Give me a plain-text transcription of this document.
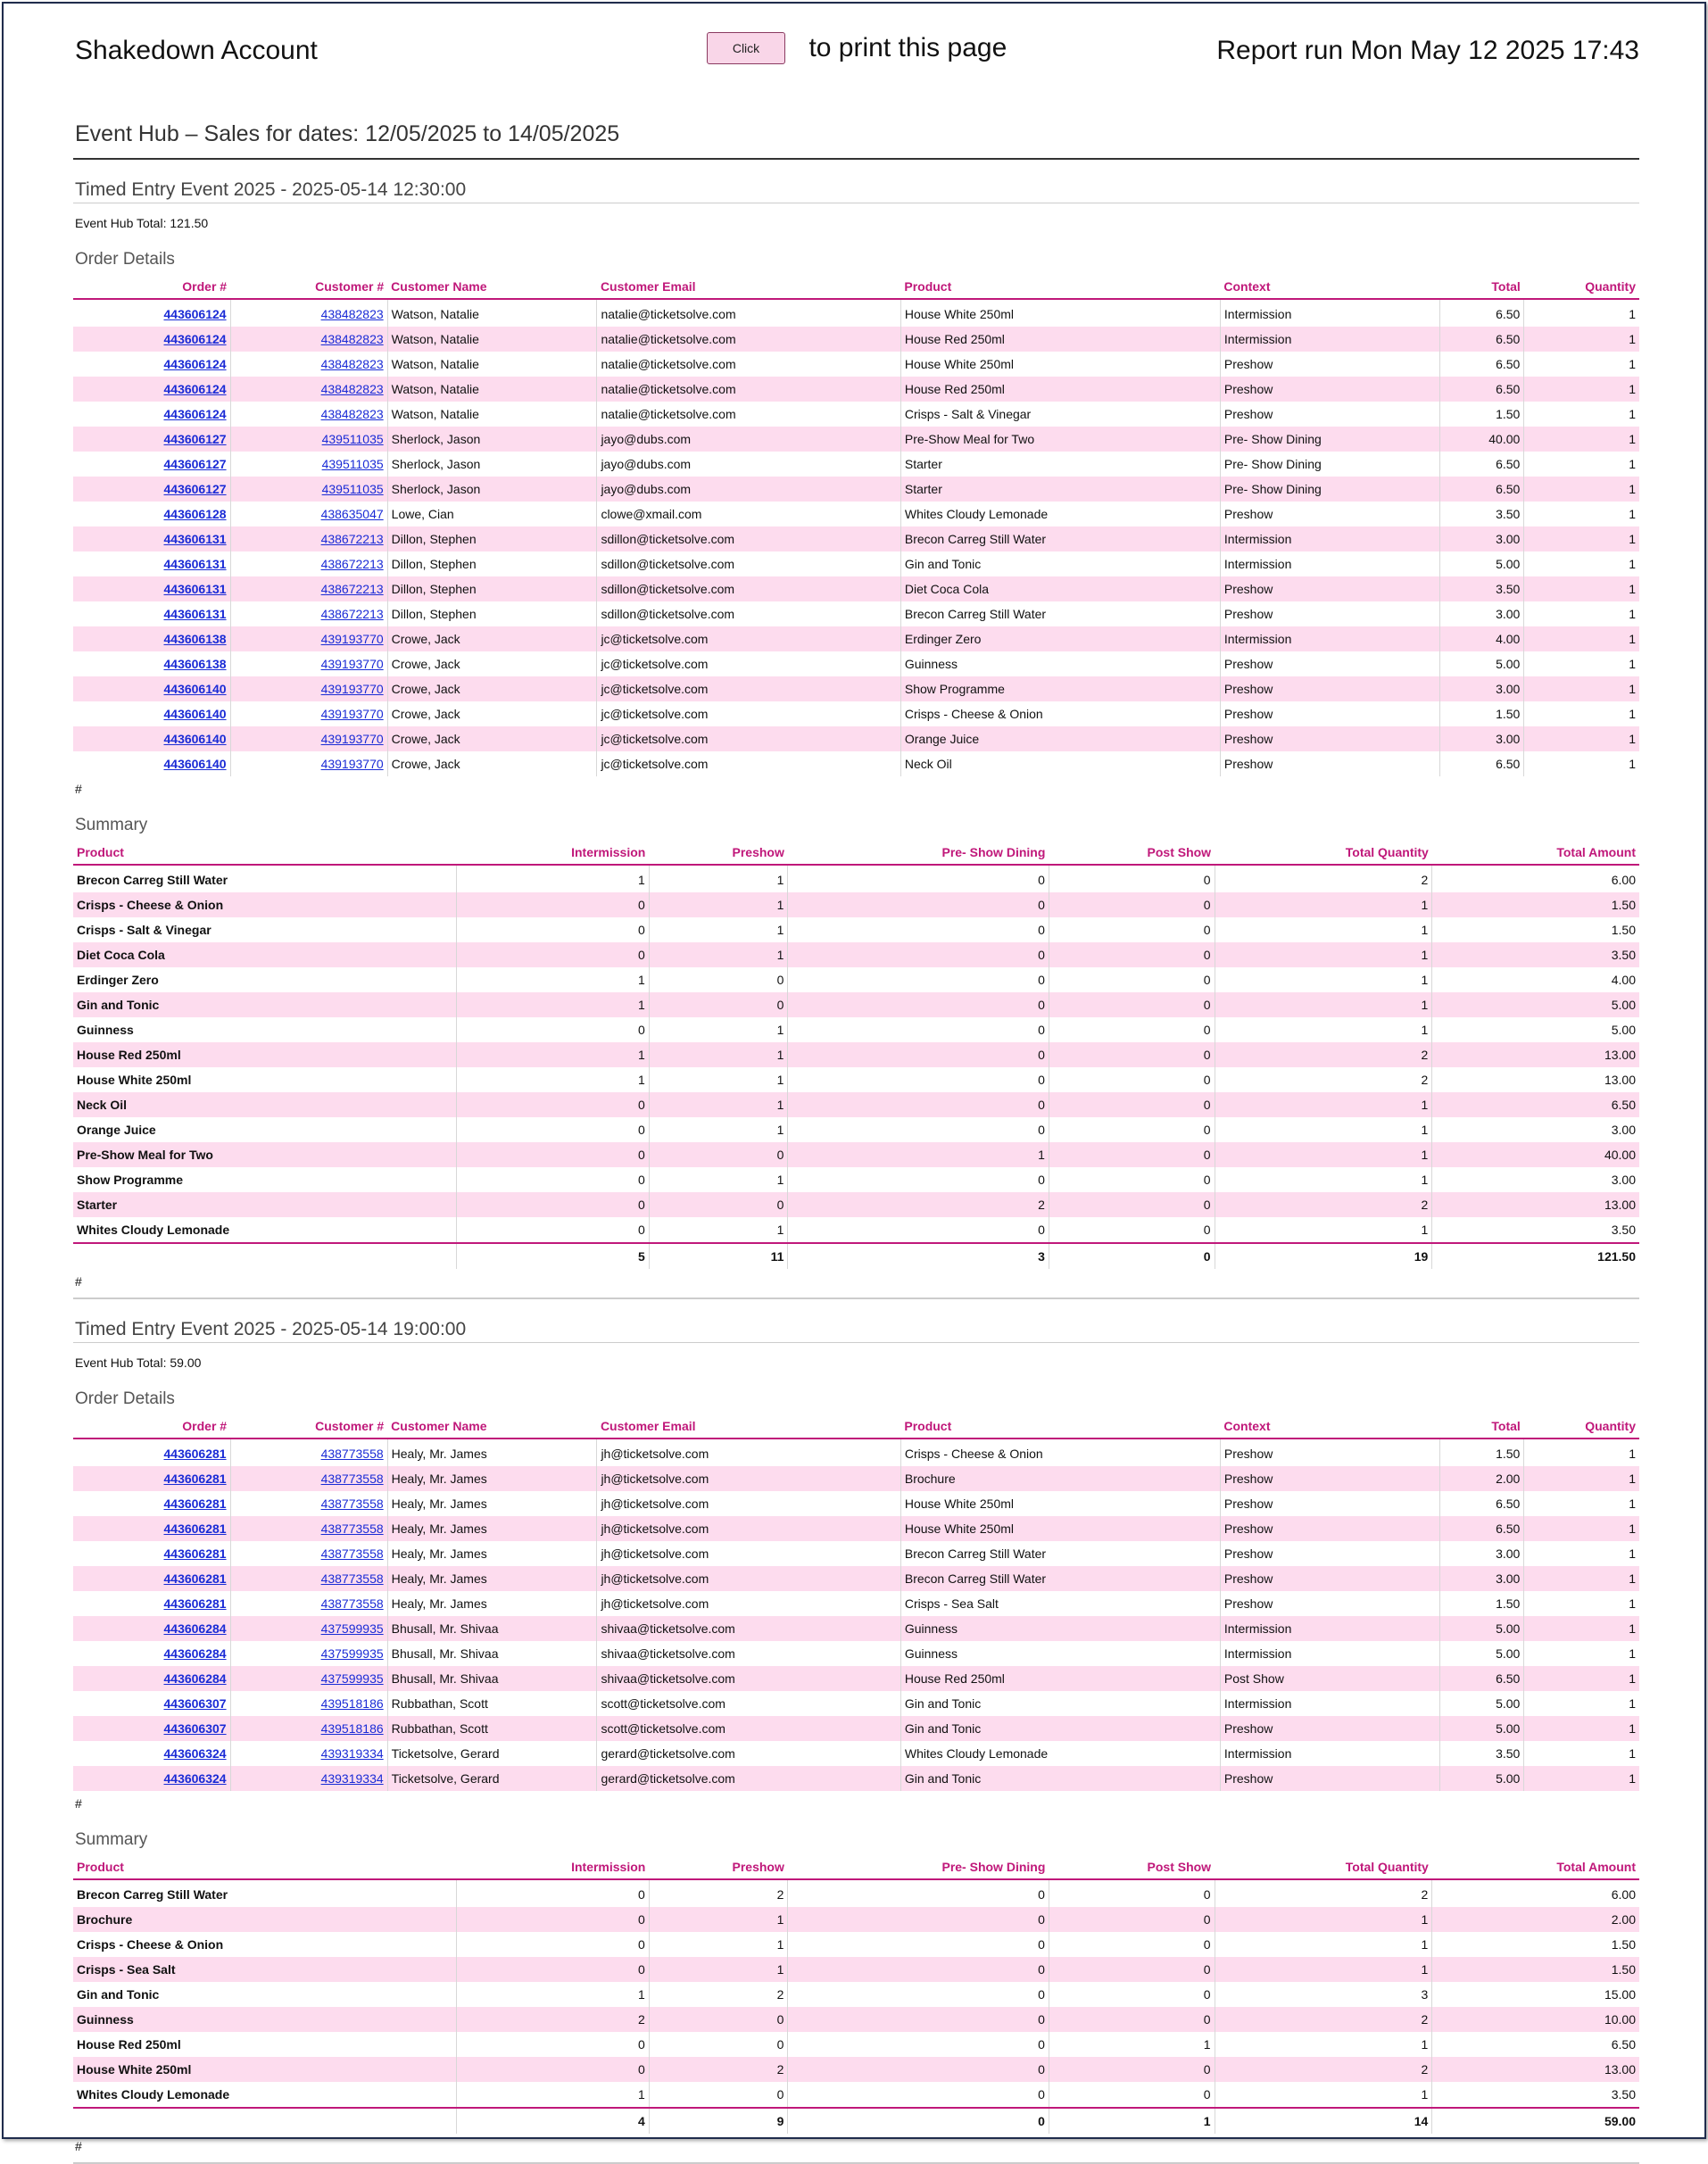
Shakedown Account	Click to print this page	Report run Mon May 12 2025 17:43
Event Hub – Sales for dates: 12/05/2025 to 14/05/2025
Timed Entry Event 2025 - 2025-05-14 12:30:00
Event Hub Total: 121.50
Order Details
Order #	Customer #	Customer Name	Customer Email	Product	Context	Total	Quantity
443606124	438482823	Watson, Natalie	natalie@ticketsolve.com	House White 250ml	Intermission	6.50	1
443606124	438482823	Watson, Natalie	natalie@ticketsolve.com	House Red 250ml	Intermission	6.50	1
443606124	438482823	Watson, Natalie	natalie@ticketsolve.com	House White 250ml	Preshow	6.50	1
443606124	438482823	Watson, Natalie	natalie@ticketsolve.com	House Red 250ml	Preshow	6.50	1
443606124	438482823	Watson, Natalie	natalie@ticketsolve.com	Crisps - Salt & Vinegar	Preshow	1.50	1
443606127	439511035	Sherlock, Jason	jayo@dubs.com	Pre-Show Meal for Two	Pre- Show Dining	40.00	1
443606127	439511035	Sherlock, Jason	jayo@dubs.com	Starter	Pre- Show Dining	6.50	1
443606127	439511035	Sherlock, Jason	jayo@dubs.com	Starter	Pre- Show Dining	6.50	1
443606128	438635047	Lowe, Cian	clowe@xmail.com	Whites Cloudy Lemonade	Preshow	3.50	1
443606131	438672213	Dillon, Stephen	sdillon@ticketsolve.com	Brecon Carreg Still Water	Intermission	3.00	1
443606131	438672213	Dillon, Stephen	sdillon@ticketsolve.com	Gin and Tonic	Intermission	5.00	1
443606131	438672213	Dillon, Stephen	sdillon@ticketsolve.com	Diet Coca Cola	Preshow	3.50	1
443606131	438672213	Dillon, Stephen	sdillon@ticketsolve.com	Brecon Carreg Still Water	Preshow	3.00	1
443606138	439193770	Crowe, Jack	jc@ticketsolve.com	Erdinger Zero	Intermission	4.00	1
443606138	439193770	Crowe, Jack	jc@ticketsolve.com	Guinness	Preshow	5.00	1
443606140	439193770	Crowe, Jack	jc@ticketsolve.com	Show Programme	Preshow	3.00	1
443606140	439193770	Crowe, Jack	jc@ticketsolve.com	Crisps - Cheese & Onion	Preshow	1.50	1
443606140	439193770	Crowe, Jack	jc@ticketsolve.com	Orange Juice	Preshow	3.00	1
443606140	439193770	Crowe, Jack	jc@ticketsolve.com	Neck Oil	Preshow	6.50	1
#
Summary
Product	Intermission	Preshow	Pre- Show Dining	Post Show	Total Quantity	Total Amount
Brecon Carreg Still Water	1	1	0	0	2	6.00
Crisps - Cheese & Onion	0	1	0	0	1	1.50
Crisps - Salt & Vinegar	0	1	0	0	1	1.50
Diet Coca Cola	0	1	0	0	1	3.50
Erdinger Zero	1	0	0	0	1	4.00
Gin and Tonic	1	0	0	0	1	5.00
Guinness	0	1	0	0	1	5.00
House Red 250ml	1	1	0	0	2	13.00
House White 250ml	1	1	0	0	2	13.00
Neck Oil	0	1	0	0	1	6.50
Orange Juice	0	1	0	0	1	3.00
Pre-Show Meal for Two	0	0	1	0	1	40.00
Show Programme	0	1	0	0	1	3.00
Starter	0	0	2	0	2	13.00
Whites Cloudy Lemonade	0	1	0	0	1	3.50
	5	11	3	0	19	121.50
#
Timed Entry Event 2025 - 2025-05-14 19:00:00
Event Hub Total: 59.00
Order Details
Order #	Customer #	Customer Name	Customer Email	Product	Context	Total	Quantity
443606281	438773558	Healy, Mr. James	jh@ticketsolve.com	Crisps - Cheese & Onion	Preshow	1.50	1
443606281	438773558	Healy, Mr. James	jh@ticketsolve.com	Brochure	Preshow	2.00	1
443606281	438773558	Healy, Mr. James	jh@ticketsolve.com	House White 250ml	Preshow	6.50	1
443606281	438773558	Healy, Mr. James	jh@ticketsolve.com	House White 250ml	Preshow	6.50	1
443606281	438773558	Healy, Mr. James	jh@ticketsolve.com	Brecon Carreg Still Water	Preshow	3.00	1
443606281	438773558	Healy, Mr. James	jh@ticketsolve.com	Brecon Carreg Still Water	Preshow	3.00	1
443606281	438773558	Healy, Mr. James	jh@ticketsolve.com	Crisps - Sea Salt	Preshow	1.50	1
443606284	437599935	Bhusall, Mr. Shivaa	shivaa@ticketsolve.com	Guinness	Intermission	5.00	1
443606284	437599935	Bhusall, Mr. Shivaa	shivaa@ticketsolve.com	Guinness	Intermission	5.00	1
443606284	437599935	Bhusall, Mr. Shivaa	shivaa@ticketsolve.com	House Red 250ml	Post Show	6.50	1
443606307	439518186	Rubbathan, Scott	scott@ticketsolve.com	Gin and Tonic	Intermission	5.00	1
443606307	439518186	Rubbathan, Scott	scott@ticketsolve.com	Gin and Tonic	Preshow	5.00	1
443606324	439319334	Ticketsolve, Gerard	gerard@ticketsolve.com	Whites Cloudy Lemonade	Intermission	3.50	1
443606324	439319334	Ticketsolve, Gerard	gerard@ticketsolve.com	Gin and Tonic	Preshow	5.00	1
#
Summary
Product	Intermission	Preshow	Pre- Show Dining	Post Show	Total Quantity	Total Amount
Brecon Carreg Still Water	0	2	0	0	2	6.00
Brochure	0	1	0	0	1	2.00
Crisps - Cheese & Onion	0	1	0	0	1	1.50
Crisps - Sea Salt	0	1	0	0	1	1.50
Gin and Tonic	1	2	0	0	3	15.00
Guinness	2	0	0	0	2	10.00
House Red 250ml	0	0	0	1	1	6.50
House White 250ml	0	2	0	0	2	13.00
Whites Cloudy Lemonade	1	0	0	0	1	3.50
	4	9	0	1	14	59.00
#
